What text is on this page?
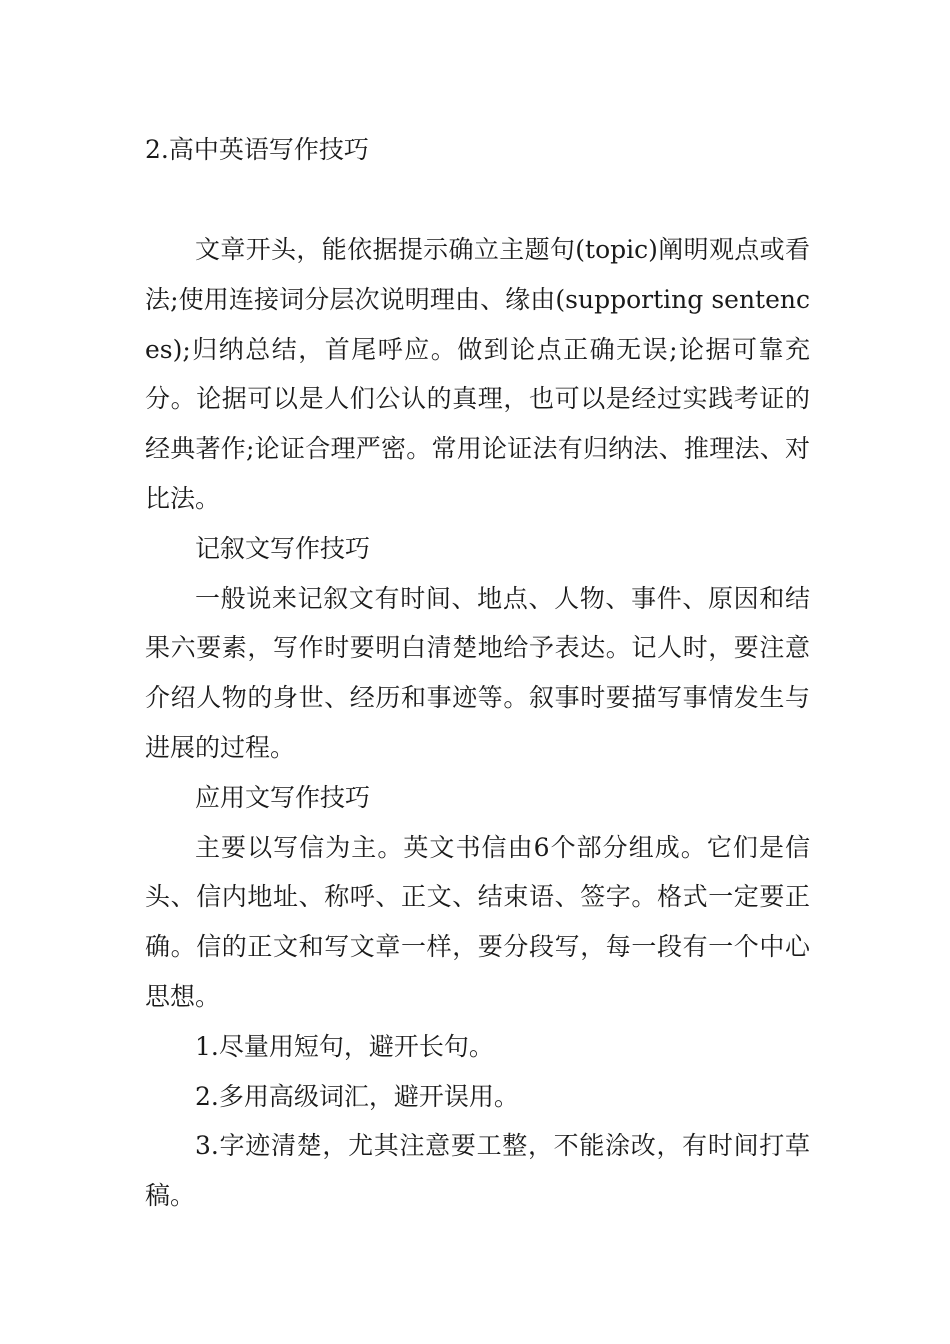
2.高中英语写作技巧

文章开头，能依据提示确立主题句(topic)阐明观点或看法;使用连接词分层次说明理由、缘由(supporting sentences);归纳总结，首尾呼应。做到论点正确无误;论据可靠充分。论据可以是人们公认的真理，也可以是经过实践考证的经典著作;论证合理严密。常用论证法有归纳法、推理法、对比法。

记叙文写作技巧

一般说来记叙文有时间、地点、人物、事件、原因和结果六要素，写作时要明白清楚地给予表达。记人时，要注意介绍人物的身世、经历和事迹等。叙事时要描写事情发生与进展的过程。

应用文写作技巧

主要以写信为主。英文书信由6个部分组成。它们是信头、信内地址、称呼、正文、结束语、签字。格式一定要正确。信的正文和写文章一样，要分段写，每一段有一个中心思想。

1.尽量用短句，避开长句。

2.多用高级词汇，避开误用。

3.字迹清楚，尤其注意要工整，不能涂改，有时间打草稿。
